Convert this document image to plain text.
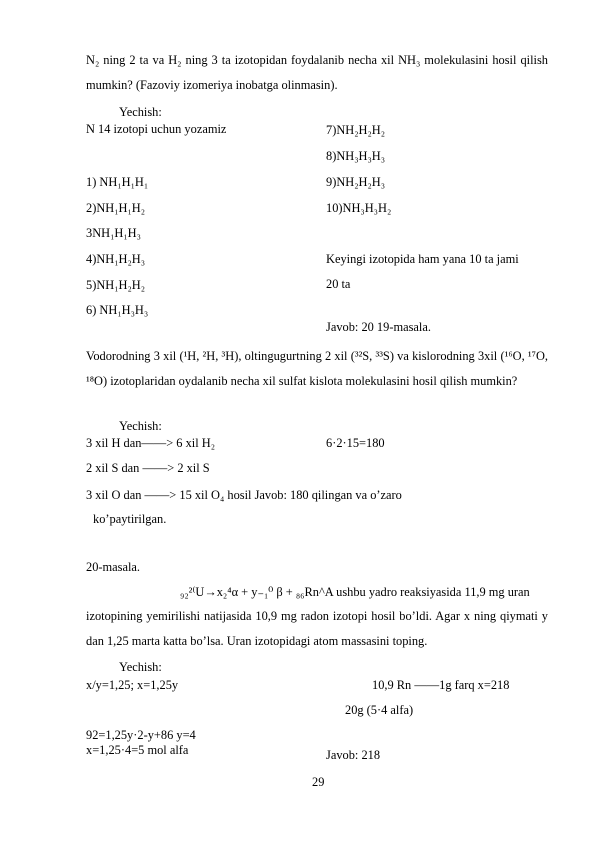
N₂ ning 2 ta va H₂ ning 3 ta izotopidan foydalanib necha xil NH₃ molekulasini hosil qilish mumkin? (Fazoviy izomeriya inobatga olinmasin).

Yechish:
N 14 izotopi uchun yozamiz
1) NH₁H₁H₁
2)NH₁H₁H₂
3NH₁H₁H₃
4)NH₁H₂H₃
5)NH₁H₂H₂
6) NH₁H₃H₃
7)NH₂H₂H₂
8)NH₃H₃H₃
9)NH₂H₂H₃
10)NH₃H₃H₂
Keyingi izotopida ham yana 10 ta jami
20 ta
Javob: 20 19-masala.

Vodorodning 3 xil (¹H, ²H, ³H), oltingugurtning 2 xil (³²S, ³³S) va kislorodning 3xil (¹⁶O, ¹⁷O, ¹⁸O) izotoplaridan oydalanib necha xil sulfat kislota molekulasini hosil qilish mumkin?

Yechish:
3 xil H dan——> 6 xil H₂	6·2·15=180
2 xil S dan ——> 2 xil S
3 xil O dan ——> 15 xil O₄ hosil Javob: 180 qilingan va o’zaro
ko’paytirilgan.
20-masala.
₉₂²⁽U→x₂⁴α + y₋₁⁰ β + ₈₆Rn^A ushbu yadro reaksiyasida 11,9 mg uran

izotopining yemirilishi natijasida 10,9 mg radon izotopi hosil bo’ldi. Agar x ning qiymati y dan 1,25 marta katta bo’lsa. Uran izotopidagi atom massasini toping.

Yechish:
x/y=1,25; x=1,25y	10,9 Rn ——1g farq x=218
20g (5·4 alfa)
92=1,25y·2-y+86 y=4
x=1,25·4=5 mol alfa	Javob: 218
29
